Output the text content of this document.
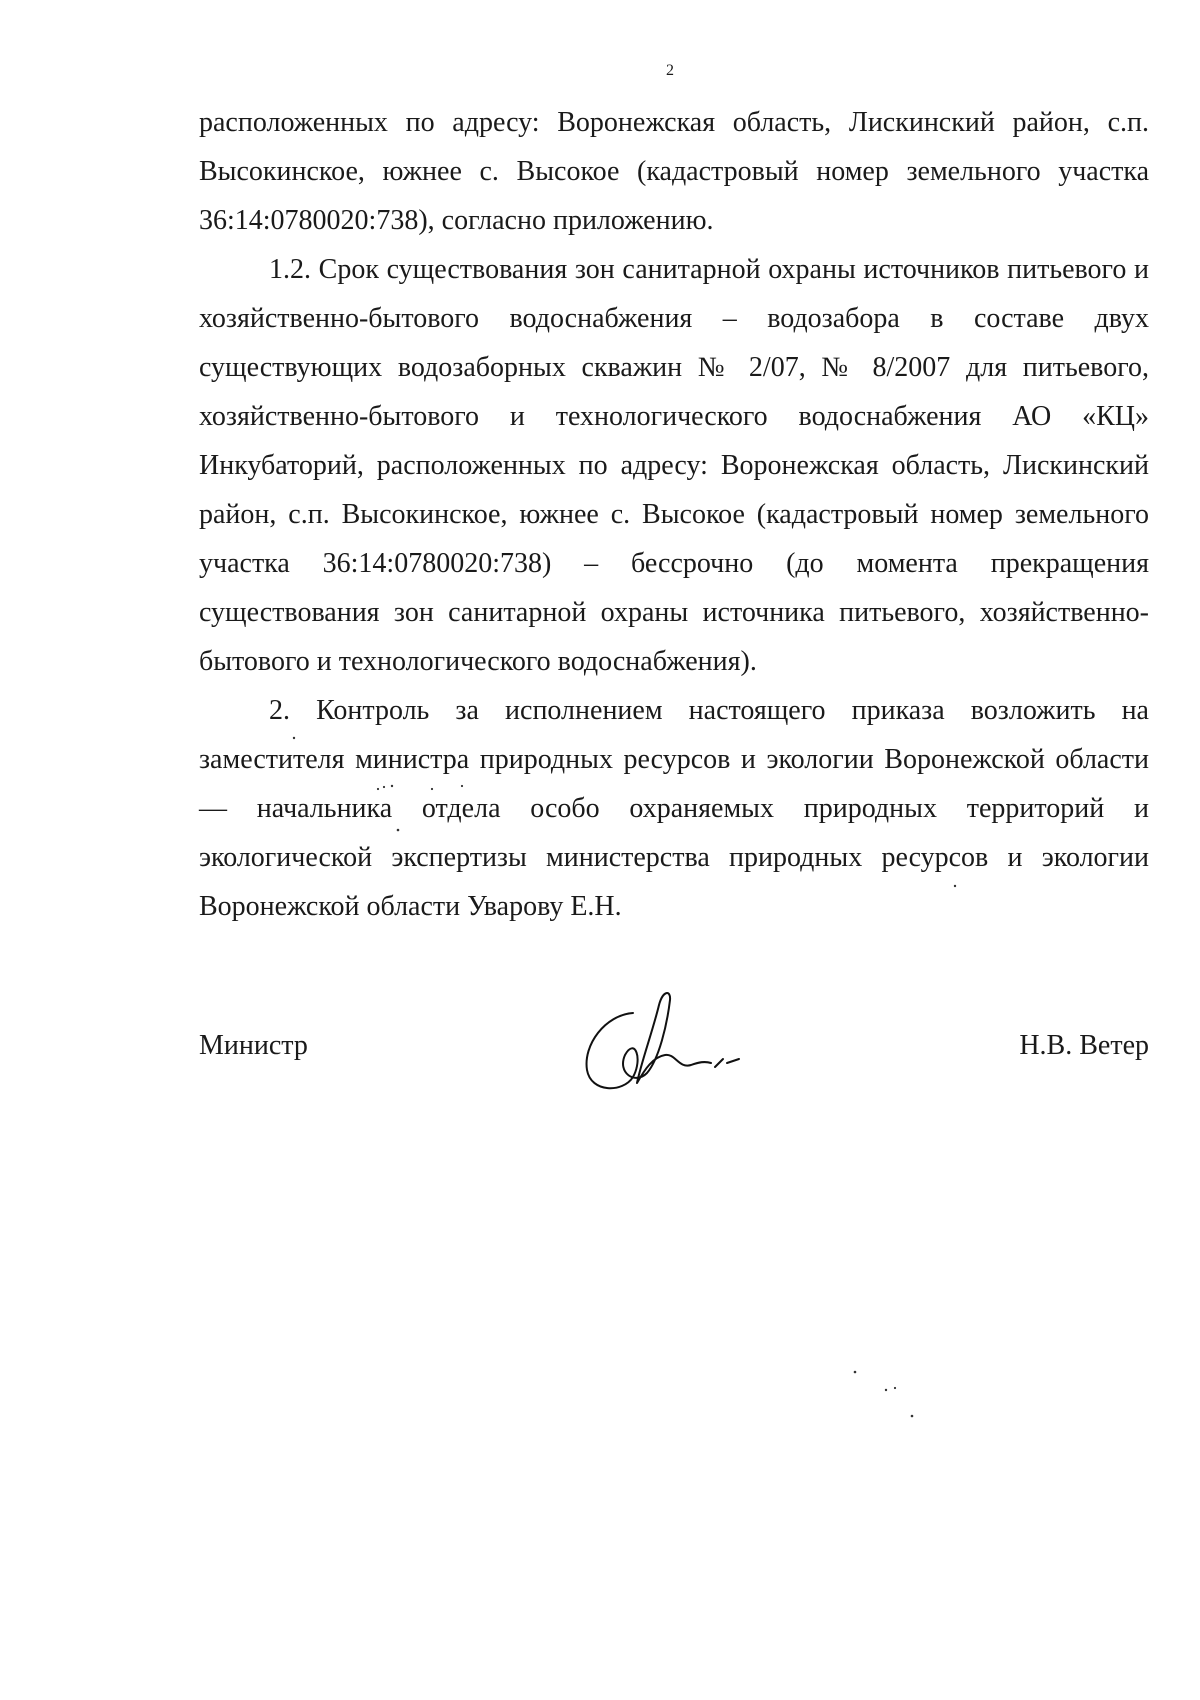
2

расположенных по адресу: Воронежская область, Лискинский район, с.п. Высокинское, южнее с. Высокое (кадастровый номер земельного участка 36:14:0780020:738), согласно приложению.

1.2. Срок существования зон санитарной охраны источников питьевого и хозяйственно-бытового водоснабжения – водозабора в составе двух существующих водозаборных скважин № 2/07, № 8/2007 для питьевого, хозяйственно-бытового и технологического водоснабжения АО «КЦ» Инкубаторий, расположенных по адресу: Воронежская область, Лискинский район, с.п. Высокинское, южнее с. Высокое (кадастровый номер земельного участка 36:14:0780020:738) – бессрочно (до момента прекращения существования зон санитарной охраны источника питьевого, хозяйственно-бытового и технологического водоснабжения).

2. Контроль за исполнением настоящего приказа возложить на заместителя министра природных ресурсов и экологии Воронежской области — начальника отдела особо охраняемых природных территорий и экологической экспертизы министерства природных ресурсов и экологии Воронежской области Уварову Е.Н.

Министр	Н.В. Ветер
